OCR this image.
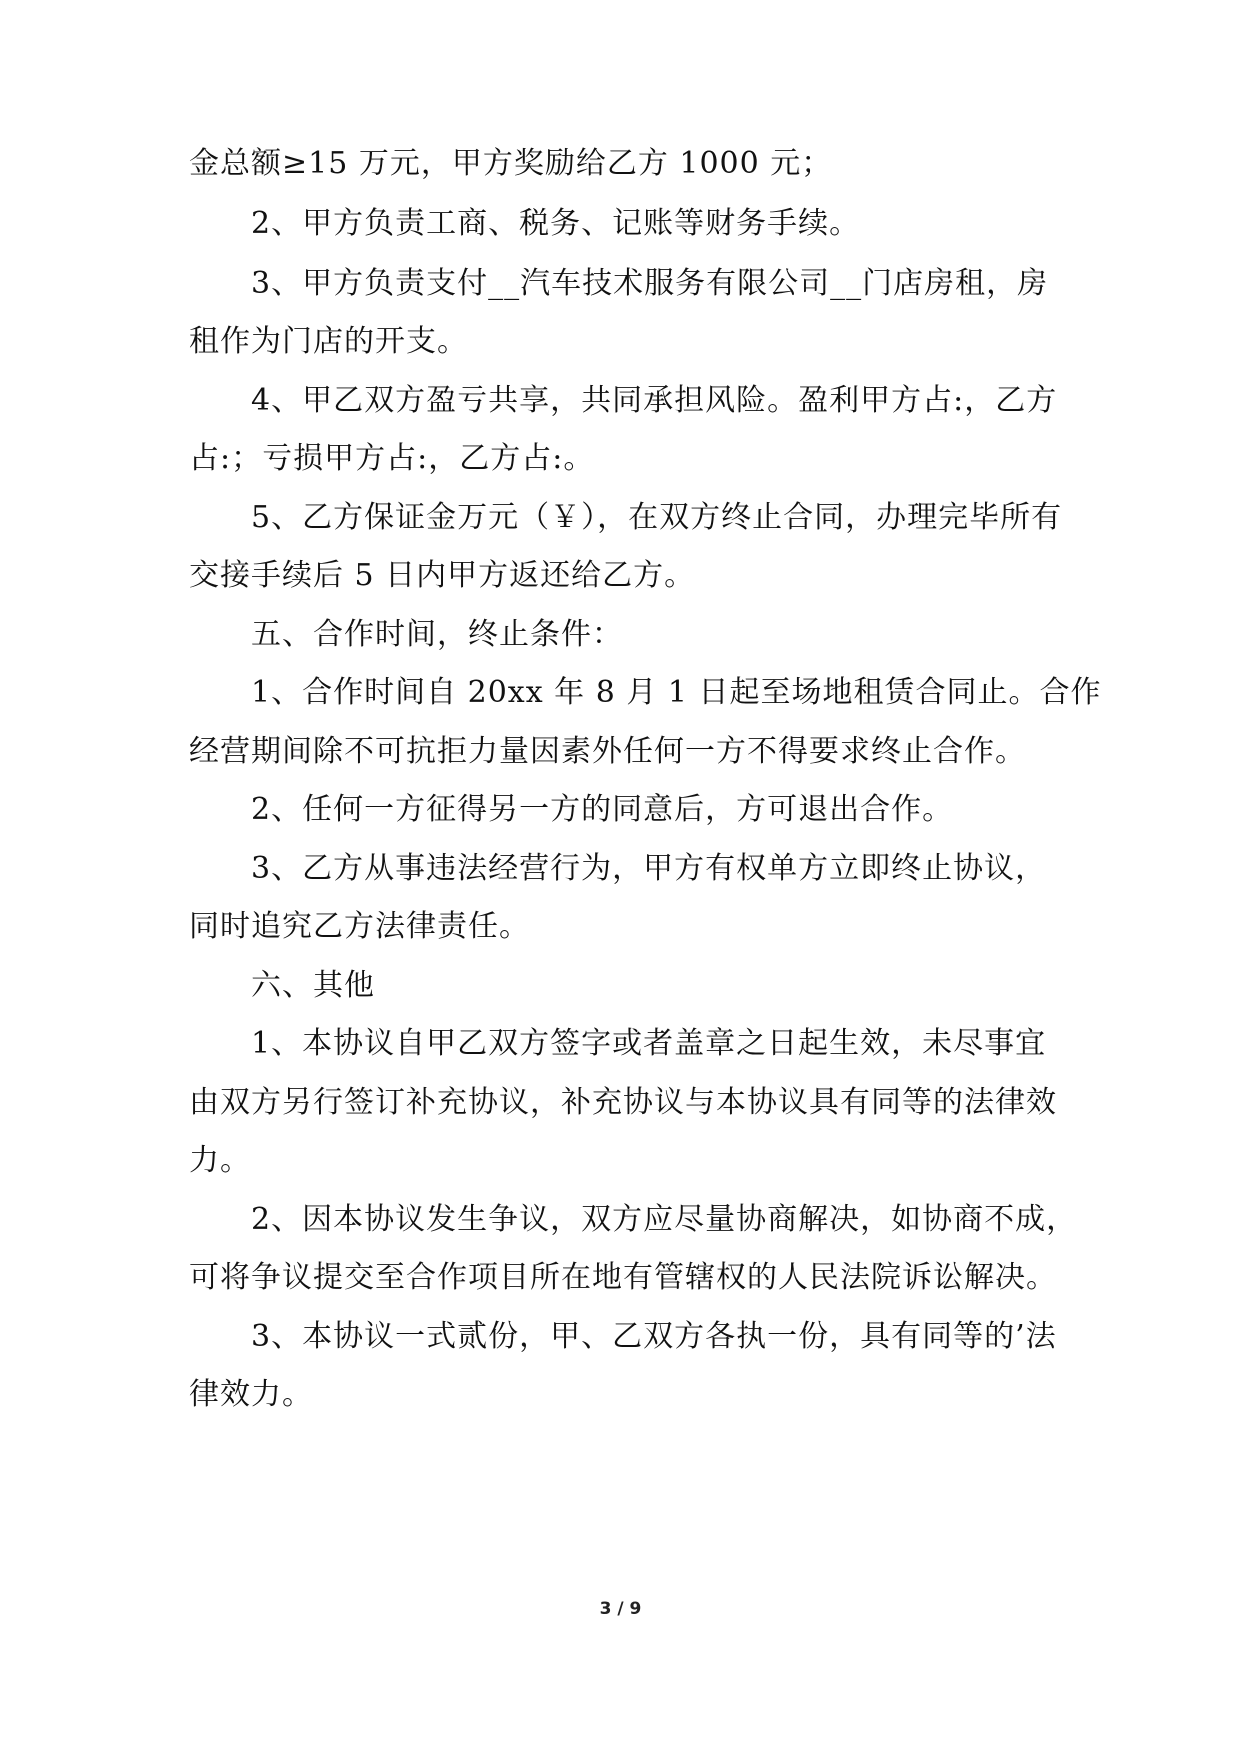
金总额≥15 万元，甲方奖励给乙方 1000 元；
2、甲方负责工商、税务、记账等财务手续。
3、甲方负责支付__汽车技术服务有限公司__门店房租，房
租作为门店的开支。
4、甲乙双方盈亏共享，共同承担风险。盈利甲方占:，乙方
占:；亏损甲方占:，乙方占:。
5、乙方保证金万元（￥），在双方终止合同，办理完毕所有
交接手续后 5 日内甲方返还给乙方。
五、合作时间，终止条件：
1、合作时间自 20xx 年 8 月 1 日起至场地租赁合同止。合作
经营期间除不可抗拒力量因素外任何一方不得要求终止合作。
2、任何一方征得另一方的同意后，方可退出合作。
3、乙方从事违法经营行为，甲方有权单方立即终止协议，
同时追究乙方法律责任。
六、其他
1、本协议自甲乙双方签字或者盖章之日起生效，未尽事宜
由双方另行签订补充协议，补充协议与本协议具有同等的法律效
力。
2、因本协议发生争议，双方应尽量协商解决，如协商不成，
可将争议提交至合作项目所在地有管辖权的人民法院诉讼解决。
3、本协议一式贰份，甲、乙双方各执一份，具有同等的’法
律效力。
3 / 9
